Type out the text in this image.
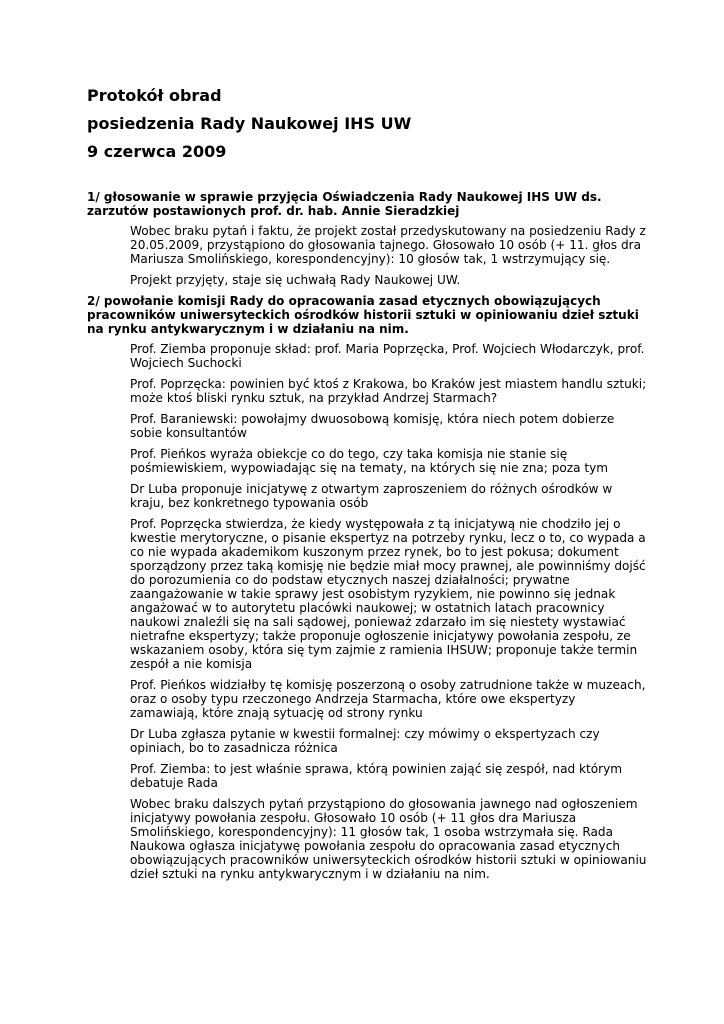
Protokół obrad
posiedzenia Rady Naukowej IHS UW
9 czerwca 2009
1/ głosowanie w sprawie przyjęcia Oświadczenia Rady Naukowej IHS UW ds. zarzutów postawionych prof. dr. hab. Annie Sieradzkiej

Wobec braku pytań i faktu, że projekt został przedyskutowany na posiedzeniu Rady z 20.05.2009, przystąpiono do głosowania tajnego. Głosowało 10 osób (+ 11. głos dra Mariusza Smolińskiego, korespondencyjny): 10 głosów tak, 1 wstrzymujący się.

Projekt przyjęty, staje się uchwałą Rady Naukowej UW.

2/ powołanie komisji Rady do opracowania zasad etycznych obowiązujących pracowników uniwersyteckich ośrodków historii sztuki w opiniowaniu dzieł sztuki na rynku antykwarycznym i w działaniu na nim.

Prof. Ziemba proponuje skład: prof. Maria Poprzęcka, Prof. Wojciech Włodarczyk, prof. Wojciech Suchocki

Prof. Poprzęcka: powinien być ktoś z Krakowa, bo Kraków jest miastem handlu sztuki; może ktoś bliski rynku sztuk, na przykład Andrzej Starmach?

Prof. Baraniewski: powołajmy dwuosobową komisję, która niech potem dobierze sobie konsultantów

Prof. Pieńkos wyraża obiekcje co do tego, czy taka komisja nie stanie się pośmiewiskiem, wypowiadając się na tematy, na których się nie zna; poza tym

Dr Luba proponuje inicjatywę z otwartym zaproszeniem do różnych ośrodków w kraju, bez konkretnego typowania osób

Prof. Poprzęcka stwierdza, że kiedy występowała z tą inicjatywą nie chodziło jej o kwestie merytoryczne, o pisanie ekspertyz na potrzeby rynku, lecz o to, co wypada a co nie wypada akademikom kuszonym przez rynek, bo to jest pokusa; dokument sporządzony przez taką komisję nie będzie miał mocy prawnej, ale powinniśmy dojść do porozumienia co do podstaw etycznych naszej działalności; prywatne zaangażowanie w takie sprawy jest osobistym ryzykiem, nie powinno się jednak angażować w to autorytetu placówki naukowej; w ostatnich latach pracownicy naukowi znaleźli się na sali sądowej, ponieważ zdarzało im się niestety wystawiać nietrafne ekspertyzy; także proponuje ogłoszenie inicjatywy powołania zespołu, ze wskazaniem osoby, która się tym zajmie z ramienia IHSUW; proponuje także termin zespół a nie komisja

Prof. Pieńkos widziałby tę komisję poszerzoną o osoby zatrudnione także w muzeach, oraz o osoby typu rzeczonego Andrzeja Starmacha, które owe ekspertyzy zamawiają, które znają sytuację od strony rynku

Dr Luba zgłasza pytanie w kwestii formalnej: czy mówimy o ekspertyzach czy opiniach, bo to zasadnicza różnica

Prof. Ziemba: to jest właśnie sprawa, którą powinien zająć się zespół, nad którym debatuje Rada

Wobec braku dalszych pytań przystąpiono do głosowania jawnego nad ogłoszeniem inicjatywy powołania zespołu. Głosowało 10 osób (+ 11 głos dra Mariusza Smolińskiego, korespondencyjny): 11 głosów tak, 1 osoba wstrzymała się. Rada Naukowa ogłasza inicjatywę powołania zespołu do opracowania zasad etycznych obowiązujących pracowników uniwersyteckich ośrodków historii sztuki w opiniowaniu dzieł sztuki na rynku antykwarycznym i w działaniu na nim.
